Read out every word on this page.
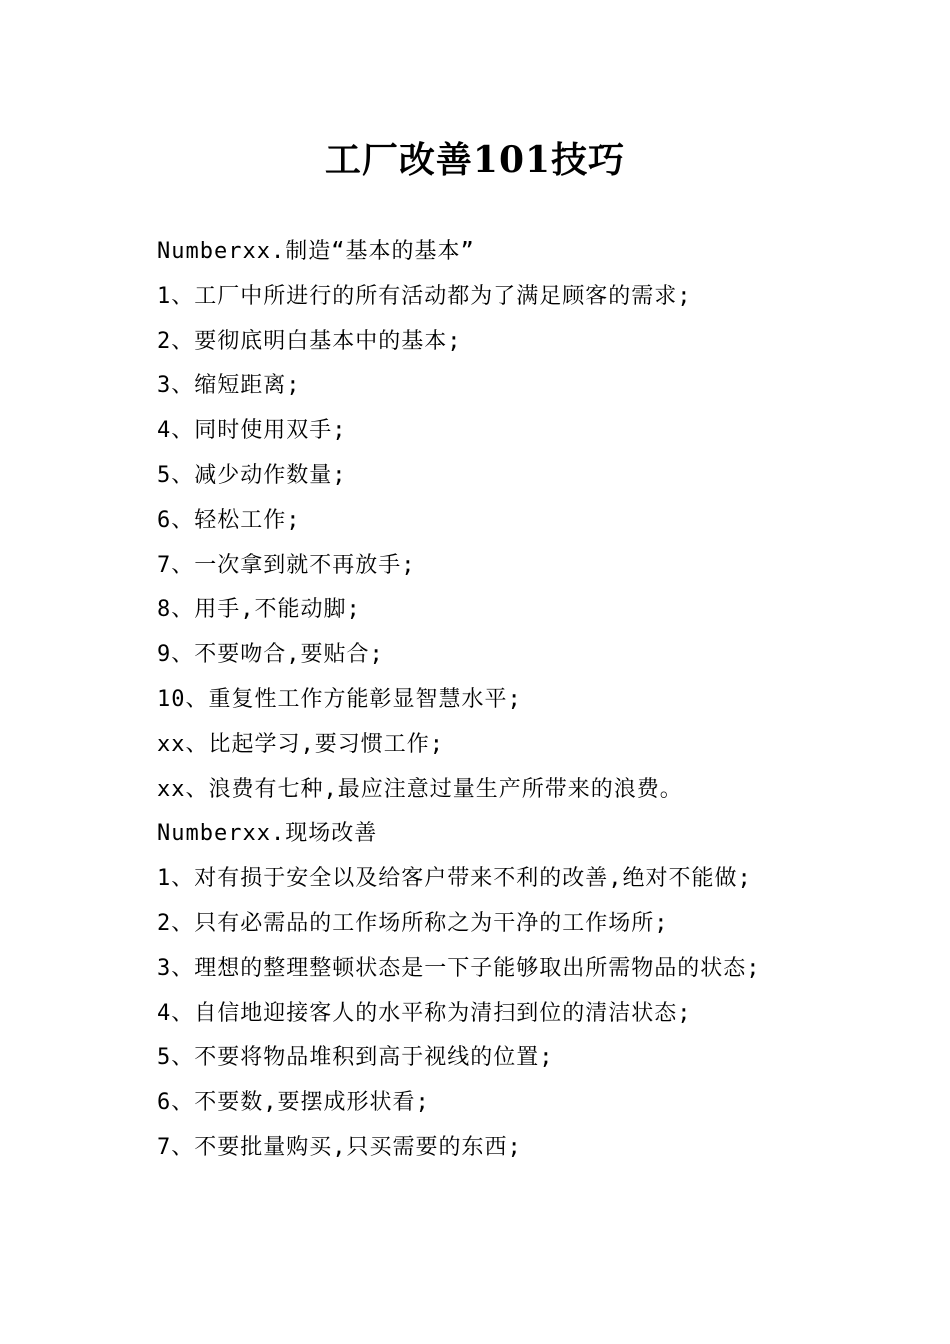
工厂改善101技巧
Numberxx.制造“基本的基本”
1、工厂中所进行的所有活动都为了满足顾客的需求;
2、要彻底明白基本中的基本;
3、缩短距离;
4、同时使用双手;
5、减少动作数量;
6、轻松工作;
7、一次拿到就不再放手;
8、用手,不能动脚;
9、不要吻合,要贴合;
10、重复性工作方能彰显智慧水平;
xx、比起学习,要习惯工作;
xx、浪费有七种,最应注意过量生产所带来的浪费。
Numberxx.现场改善
1、对有损于安全以及给客户带来不利的改善,绝对不能做;
2、只有必需品的工作场所称之为干净的工作场所;
3、理想的整理整顿状态是一下子能够取出所需物品的状态;
4、自信地迎接客人的水平称为清扫到位的清洁状态;
5、不要将物品堆积到高于视线的位置;
6、不要数,要摆成形状看;
7、不要批量购买,只买需要的东西;
